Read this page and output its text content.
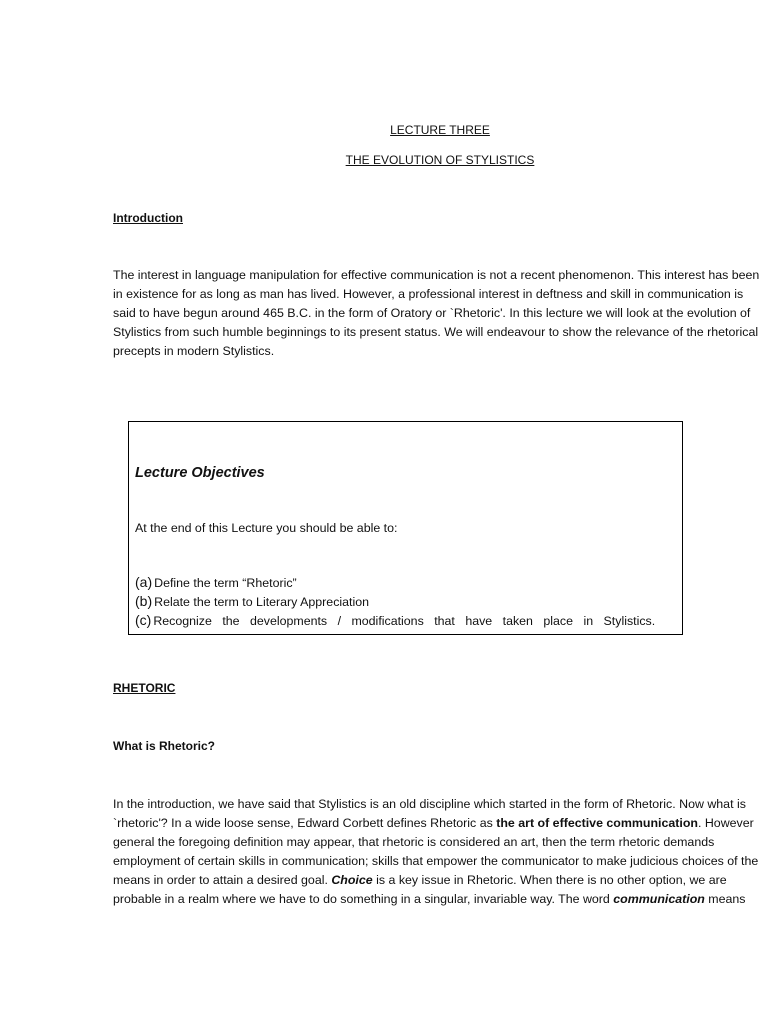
LECTURE THREE
THE EVOLUTION OF STYLISTICS
Introduction

The interest in language manipulation for effective communication is not a recent phenomenon. This interest has been in existence for as long as man has lived. However, a professional interest in deftness and skill in communication is said to have begun around 465 B.C. in the form of Oratory or `Rhetoric'. In this lecture we will look at the evolution of Stylistics from such humble beginnings to its present status. We will endeavour to show the relevance of the rhetorical precepts in modern Stylistics.

Lecture Objectives
At the end of this Lecture you should be able to:
(a) Define the term “Rhetoric”
(b) Relate the term to Literary Appreciation
(c) Recognize the developments / modifications that have taken place in Stylistics.
RHETORIC
What is Rhetoric?

In the introduction, we have said that Stylistics is an old discipline which started in the form of Rhetoric. Now what is `rhetoric'? In a wide loose sense, Edward Corbett defines Rhetoric as the art of effective communication. However general the foregoing definition may appear, that rhetoric is considered an art, then the term rhetoric demands employment of certain skills in communication; skills that empower the communicator to make judicious choices of the means in order to attain a desired goal. Choice is a key issue in Rhetoric. When there is no other option, we are probable in a realm where we have to do something in a singular, invariable way. The word communication means
